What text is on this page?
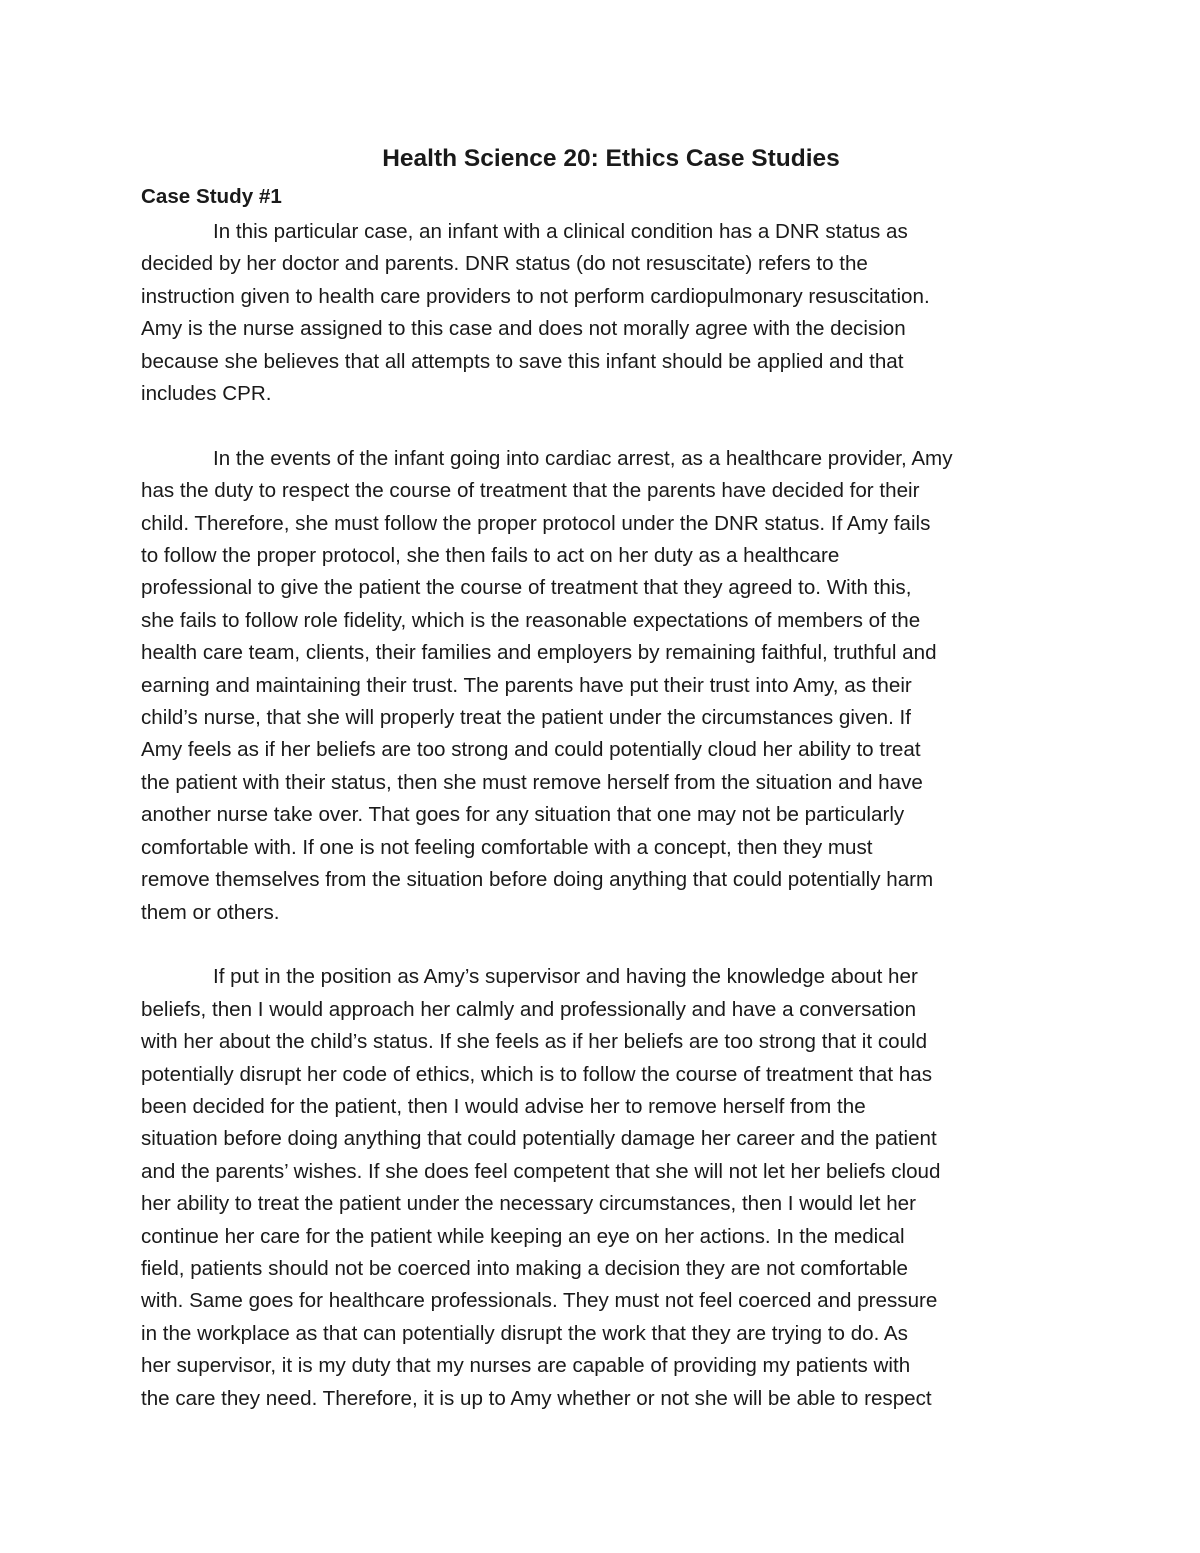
Health Science 20: Ethics Case Studies
Case Study #1

In this particular case, an infant with a clinical condition has a DNR status as
decided by her doctor and parents. DNR status (do not resuscitate) refers to the
instruction given to health care providers to not perform cardiopulmonary resuscitation.
Amy is the nurse assigned to this case and does not morally agree with the decision
because she believes that all attempts to save this infant should be applied and that
includes CPR.

In the events of the infant going into cardiac arrest, as a healthcare provider, Amy
has the duty to respect the course of treatment that the parents have decided for their
child. Therefore, she must follow the proper protocol under the DNR status. If Amy fails
to follow the proper protocol, she then fails to act on her duty as a healthcare
professional to give the patient the course of treatment that they agreed to. With this,
she fails to follow role fidelity, which is the reasonable expectations of members of the
health care team, clients, their families and employers by remaining faithful, truthful and
earning and maintaining their trust. The parents have put their trust into Amy, as their
child’s nurse, that she will properly treat the patient under the circumstances given. If
Amy feels as if her beliefs are too strong and could potentially cloud her ability to treat
the patient with their status, then she must remove herself from the situation and have
another nurse take over. That goes for any situation that one may not be particularly
comfortable with. If one is not feeling comfortable with a concept, then they must
remove themselves from the situation before doing anything that could potentially harm
them or others.

If put in the position as Amy’s supervisor and having the knowledge about her
beliefs, then I would approach her calmly and professionally and have a conversation
with her about the child’s status. If she feels as if her beliefs are too strong that it could
potentially disrupt her code of ethics, which is to follow the course of treatment that has
been decided for the patient, then I would advise her to remove herself from the
situation before doing anything that could potentially damage her career and the patient
and the parents’ wishes. If she does feel competent that she will not let her beliefs cloud
her ability to treat the patient under the necessary circumstances, then I would let her
continue her care for the patient while keeping an eye on her actions. In the medical
field, patients should not be coerced into making a decision they are not comfortable
with. Same goes for healthcare professionals. They must not feel coerced and pressure
in the workplace as that can potentially disrupt the work that they are trying to do. As
her supervisor, it is my duty that my nurses are capable of providing my patients with
the care they need. Therefore, it is up to Amy whether or not she will be able to respect
